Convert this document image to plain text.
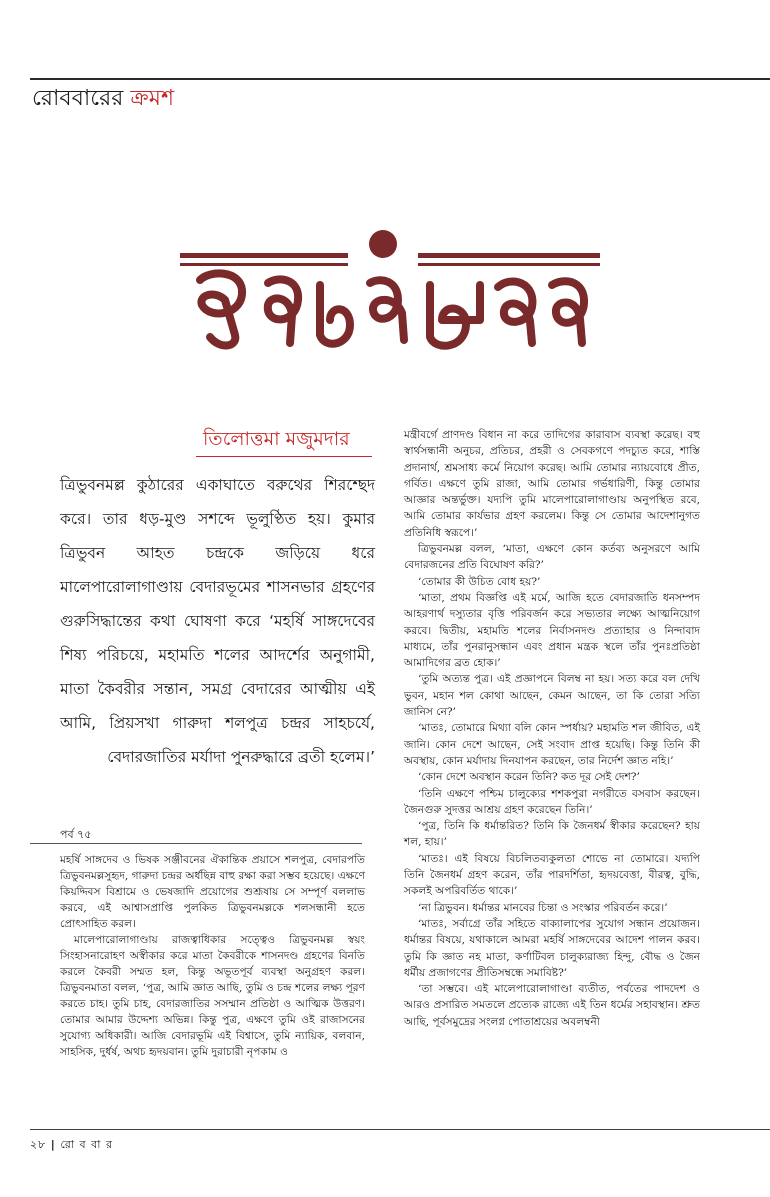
রোববারের ক্রমশ
তিলোত্তমা মজুমদার

ত্রিভুবনমল্ল কুঠারের একাঘাতে বরুথের শিরশ্ছেদ করে। তার ধড়-মুণ্ড সশব্দে ভূলুণ্ঠিত হয়। কুমার ত্রিভুবন আহত চন্দ্রকে জড়িয়ে ধরে মালেপারোলাগাণ্ডায় বেদারভূমের শাসনভার গ্রহণের গুরুসিদ্ধান্তের কথা ঘোষণা করে ‘মহর্ষি সাঙ্গদেবের শিষ্য পরিচয়ে, মহামতি শলের আদর্শের অনুগামী, মাতা কৈবরীর সন্তান, সমগ্র বেদারের আত্মীয় এই আমি, প্রিয়সখা গারুদা শলপুত্র চন্দ্রর সাহচর্যে, বেদারজাতির মর্যাদা পুনরুদ্ধারে ব্রতী হলেম।’

পর্ব ৭৫

মহর্ষি সাঙ্গদেব ও ভিষক সঞ্জীবনের ঐকান্তিক প্রয়াসে শলপুত্র, বেদারপতি ত্রিভুবনমল্লসুহৃদ, গারুদা চন্দ্রর অর্ধছিন্ন বাহু রক্ষা করা সম্ভব হয়েছে। এক্ষণে কিয়দ্দিবস বিশ্রামে ও ভেষজাদি প্রয়োগের শুশ্রূষায় সে সম্পূর্ণ বললাভ করবে, এই আশ্বাসপ্রাপ্তি পুলকিত ত্রিভুবনমল্লকে শলসন্ধানী হতে প্রোৎসাহিত করল।

মালেপারোলাগাণ্ডায় রাজত্বাধিকার সত্ত্বেও ত্রিভুবনমল্ল স্বয়ং সিংহাসনারোহণ অস্বীকার করে মাতা কৈবরীকে শাসনদণ্ড গ্রহণের বিনতি করলে কৈবরী সম্মত হল, কিন্তু অভূতপূর্ব ব্যবস্থা অনুগ্রহণ করল। ত্রিভুবনমাতা বলল, ‘পুত্র, আমি জ্ঞাত আছি, তুমি ও চন্দ্র শলের লক্ষ্য পূরণ করতে চাহ। তুমি চাহ, বেদারজাতির সসম্মান প্রতিষ্ঠা ও আত্মিক উত্তরণ। তোমার আমার উদ্দেশ্য অভিন্ন। কিন্তু পুত্র, এক্ষণে তুমি ওই রাজাসনের সুযোগ্য অধিকারী। আজি বেদারভূমি এই বিশ্বাসে, তুমি ন্যায়িক, বলবান, সাহসিক, দুর্ধর্ষ, অথচ হৃদয়বান। তুমি দুরাচারী নৃপকাম ও

মন্ত্রীবর্গে প্রাণদণ্ড বিধান না করে তাদিগের কারাবাস ব্যবস্থা করেছ। বহু স্বার্থসন্ধানী অনুচর, প্রতিচর, প্রহরী ও সেবকগণে পদচ্যুত করে, শাস্তি প্রদানার্থ, শ্রমসাধ্য কর্মে নিয়োগ করেছ। আমি তোমার ন্যায়বোধে প্রীত, গর্বিত। এক্ষণে তুমি রাজা, আমি তোমার গর্ভধারিণী, কিন্তু তোমার আজ্ঞার অন্তর্ভুক্ত। যদ্যপি তুমি মালেপারোলাগাণ্ডায় অনুপস্থিত রবে, আমি তোমার কার্যভার গ্রহণ করলেম। কিন্তু সে তোমার আদেশানুগত প্রতিনিধি স্বরূপে।’

ত্রিভুবনমল্ল বলল, ‘মাতা, এক্ষণে কোন কর্তব্য অনুসরণে আমি বেদারজনের প্রতি বিঘোষণ করি?’

‘তোমার কী উচিত বোধ হয়?’

‘মাতা, প্রথম বিজ্ঞপ্তি এই মর্মে, আজি হতে বেদারজাতি ধনসম্পদ আহরণার্থ দস্যুতার বৃত্তি পরিবর্জন করে সভ্যতার লক্ষ্যে আত্মনিয়োগ করবে। দ্বিতীয়, মহামতি শলের নির্বাসনদণ্ড প্রত্যাহার ও নিন্দাবাদ মাধ্যমে, তাঁর পুনরানুসন্ধান এবং প্রধান মন্ত্রক স্থলে তাঁর পুনঃপ্রতিষ্ঠা আমাদিগের ব্রত হোক।’

‘তুমি অত্যন্ত পুত্র। এই প্রজ্ঞাপনে বিলম্ব না হয়। সত্য করে বল দেখি ভুবন, মহান শল কোথা আছেন, কেমন আছেন, তা কি তোরা সত্যি জানিস নে?’

‘মাতঃ, তোমারে মিথ্যা বলি কোন স্পর্ধায়? মহামতি শল জীবিত, এই জানি। কোন দেশে আছেন, সেই সংবাদ প্রাপ্ত হয়েছি। কিন্তু তিনি কী অবস্থায়, কোন মর্যাদায় দিনযাপন করছেন, তার নির্দেশ জ্ঞাত নহি।’

‘কোন দেশে অবস্থান করেন তিনি? কত দূর সেই দেশ?’

‘তিনি এক্ষণে পশ্চিম চালুক্যের শশকপুরা নগরীতে বসবাস করছেন। জৈনগুরু সুদত্তর আশ্রয় গ্রহণ করেছেন তিনি।’

‘পুত্র, তিনি কি ধর্মান্তরিত? তিনি কি জৈনধর্ম স্বীকার করেছেন? হায় শল, হায়।’

‘মাতঃ। এই বিষয়ে বিচলিতব্যকুলতা শোভে না তোমারে। যদ্যপি তিনি জৈনধর্ম গ্রহণ করেন, তাঁর পারদর্শিতা, হৃদয়বেত্তা, বীরত্ব, বুদ্ধি, সকলই অপরিবর্তিত থাকে।’

‘না ত্রিভুবন। ধর্মান্তর মানবের চিন্তা ও সংস্কার পরিবর্তন করে।’

‘মাতঃ, সর্বাগ্রে তাঁর সহিতে বাক্যালাপের সুযোগ সন্ধান প্রয়োজন। ধর্মান্তর বিষয়ে, যথাকালে আমরা মহর্ষি সাঙ্গদেবের আদেশ পালন করব। তুমি কি জ্ঞাত নহ মাতা, কর্ণাটিবল চালুক্যরাজ্য হিন্দু, বৌদ্ধ ও জৈন ধর্মীয় প্রজাগণের প্রীতিসম্বন্ধে সমাবিষ্ট?’

‘তা সম্ভবে। এই মালেপারোলাগাণ্ডা ব্যতীত, পর্বতের পাদদেশ ও আরও প্রসারিত সমতলে প্রত্যেক রাজ্যে এই তিন ধর্মের সহাবস্থান। শ্রুত আছি, পূর্বসমুদ্রের সংলগ্ন পোতাশ্রয়ের অবলম্বনী

২৮ | রো ব বা র
